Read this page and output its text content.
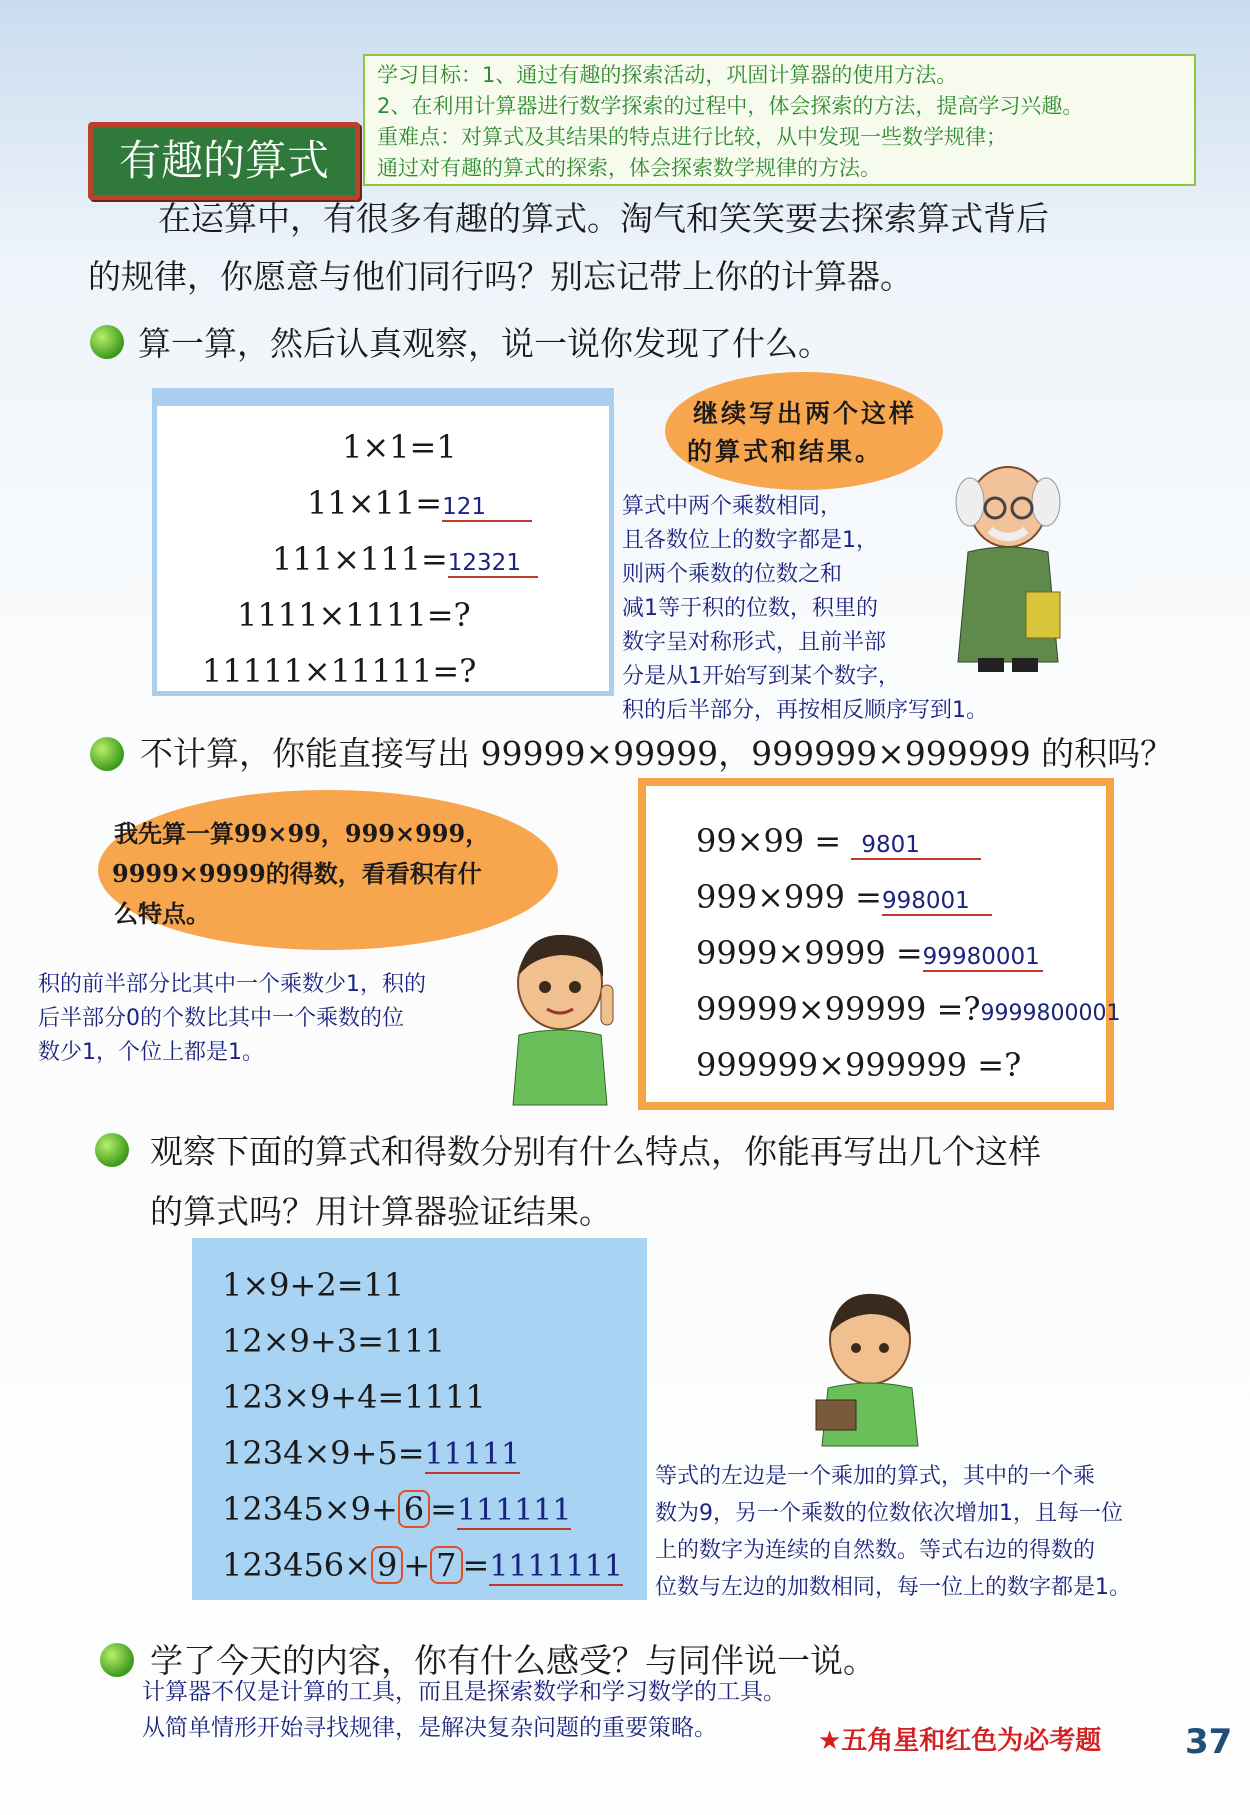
有趣的算式
学习目标：1、通过有趣的探索活动，巩固计算器的使用方法。
2、在利用计算器进行数学探索的过程中，体会探索的方法，提高学习兴趣。
重难点：对算式及其结果的特点进行比较，从中发现一些数学规律；
通过对有趣的算式的探索，体会探索数学规律的方法。
在运算中，有很多有趣的算式。淘气和笑笑要去探索算式背后
的规律，你愿意与他们同行吗？别忘记带上你的计算器。
算一算，然后认真观察，说一说你发现了什么。
1×1=1
11×11=121
111×111=12321
1111×1111=?
11111×11111=?
继续写出两个这样
的算式和结果。
算式中两个乘数相同，
且各数位上的数字都是1，
则两个乘数的位数之和
减1等于积的位数，积里的
数字呈对称形式，且前半部
分是从1开始写到某个数字，
积的后半部分，再按相反顺序写到1。
不计算，你能直接写出 99999×99999，999999×999999 的积吗？
我先算一算99×99，999×999，
9999×9999的得数，看看积有什
么特点。
积的前半部分比其中一个乘数少1，积的
后半部分0的个数比其中一个乘数的位
数少1，个位上都是1。
99×99 = 9801
999×999 =998001
9999×9999 =99980001
99999×99999 =?9999800001
999999×999999 =?
观察下面的算式和得数分别有什么特点，你能再写出几个这样
的算式吗？用计算器验证结果。
1×9+2=11
12×9+3=111
123×9+4=1111
1234×9+5=11111
12345×9+ 6 =111111
123456× 9 + 7 =1111111
等式的左边是一个乘加的算式，其中的一个乘
数为9，另一个乘数的位数依次增加1，且每一位
上的数字为连续的自然数。等式右边的得数的
位数与左边的加数相同，每一位上的数字都是1。
学了今天的内容，你有什么感受？与同伴说一说。
计算器不仅是计算的工具，而且是探索数学和学习数学的工具。
从简单情形开始寻找规律，是解决复杂问题的重要策略。	★五角星和红色为必考题 37
